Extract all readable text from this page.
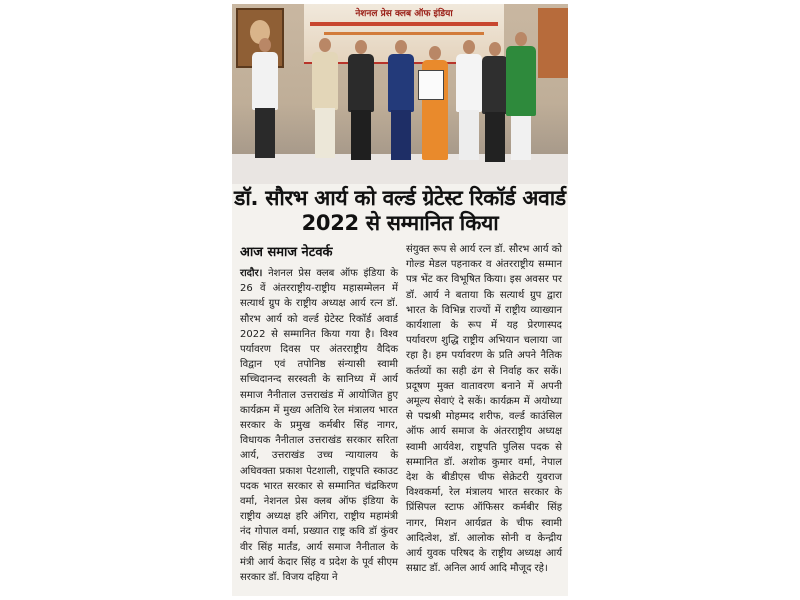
नेशनल प्रेस क्लब ऑफ इंडिया
डॉ. सौरभ आर्य को वर्ल्ड ग्रेटेस्ट रिकॉर्ड अवार्ड 2022 से सम्मानित किया
आज समाज नेटवर्क
रादौर। नेशनल प्रेस क्लब ऑफ इंडिया के 26 वें अंतरराष्ट्रीय-राष्ट्रीय महासम्मेलन में सत्यार्थ ग्रुप के राष्ट्रीय अध्यक्ष आर्य रत्न डॉ. सौरभ आर्य को वर्ल्ड ग्रेटेस्ट रिकॉर्ड अवार्ड 2022 से सम्मानित किया गया है। विश्व पर्यावरण दिवस पर अंतरराष्ट्रीय वैदिक विद्वान एवं तपोनिष्ठ संन्यासी स्वामी सच्चिदानन्द सरस्वती के सानिध्य में आर्य समाज नैनीताल उत्तराखंड में आयोजित हुए कार्यक्रम में मुख्य अतिथि रेल मंत्रालय भारत सरकार के प्रमुख कर्मबीर सिंह नागर, विधायक नैनीताल उत्तराखंड सरकार सरिता आर्य, उत्तराखंड उच्च न्यायालय के अधिवक्ता प्रकाश पेटशाली, राष्ट्रपति स्काउट पदक भारत सरकार से सम्मानित चंद्रकिरण वर्मा, नेशनल प्रेस क्लब ऑफ इंडिया के राष्ट्रीय अध्यक्ष हरि अंगिरा, राष्ट्रीय महामंत्री नंद गोपाल वर्मा, प्रख्यात राष्ट्र कवि डॉ कुंवर वीर सिंह मार्तंड, आर्य समाज नैनीताल के मंत्री आर्य केदार सिंह व प्रदेश के पूर्व सीएम सरकार डॉ. विजय दहिया ने
संयुक्त रूप से आर्य रत्न डॉ. सौरभ आर्य को गोल्ड मेडल पहनाकर व अंतरराष्ट्रीय सम्मान पत्र भेंट कर विभूषित किया। इस अवसर पर डॉ. आर्य ने बताया कि सत्यार्थ ग्रुप द्वारा भारत के विभिन्न राज्यों में राष्ट्रीय व्याख्यान कार्यशाला के रूप में यह प्रेरणास्पद पर्यावरण शुद्धि राष्ट्रीय अभियान चलाया जा रहा है। हम पर्यावरण के प्रति अपने नैतिक कर्तव्यों का सही ढंग से निर्वाह कर सकें। प्रदूषण मुक्त वातावरण बनाने में अपनी अमूल्य सेवाएं दे सकें। कार्यक्रम में अयोध्या से पद्मश्री मोहम्मद शरीफ, वर्ल्ड काउंसिल ऑफ आर्य समाज के अंतरराष्ट्रीय अध्यक्ष स्वामी आर्यवेश, राष्ट्रपति पुलिस पदक से सम्मानित डॉ. अशोक कुमार वर्मा, नेपाल देश के बीडीएस चीफ सेक्रेटरी युवराज विश्वकर्मा, रेल मंत्रालय भारत सरकार के प्रिंसिपल स्टाफ ऑफिसर कर्मबीर सिंह नागर, मिशन आर्यव्रत के चीफ स्वामी आदित्वेश, डॉ. आलोक सोनी व केन्द्रीय आर्य युवक परिषद के राष्ट्रीय अध्यक्ष आर्य सम्राट डॉ. अनिल आर्य आदि मौजूद रहे।
